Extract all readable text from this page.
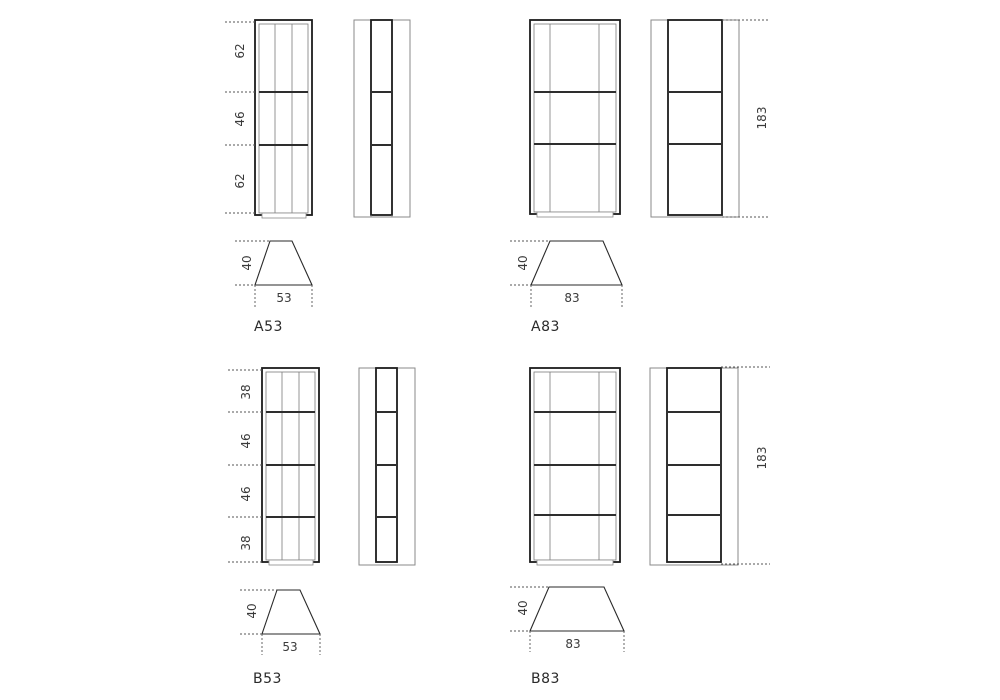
62
46
62
40
53
A53
183
40
83
A83
38
46
46
38
40
53
B53
183
40
83
B83
